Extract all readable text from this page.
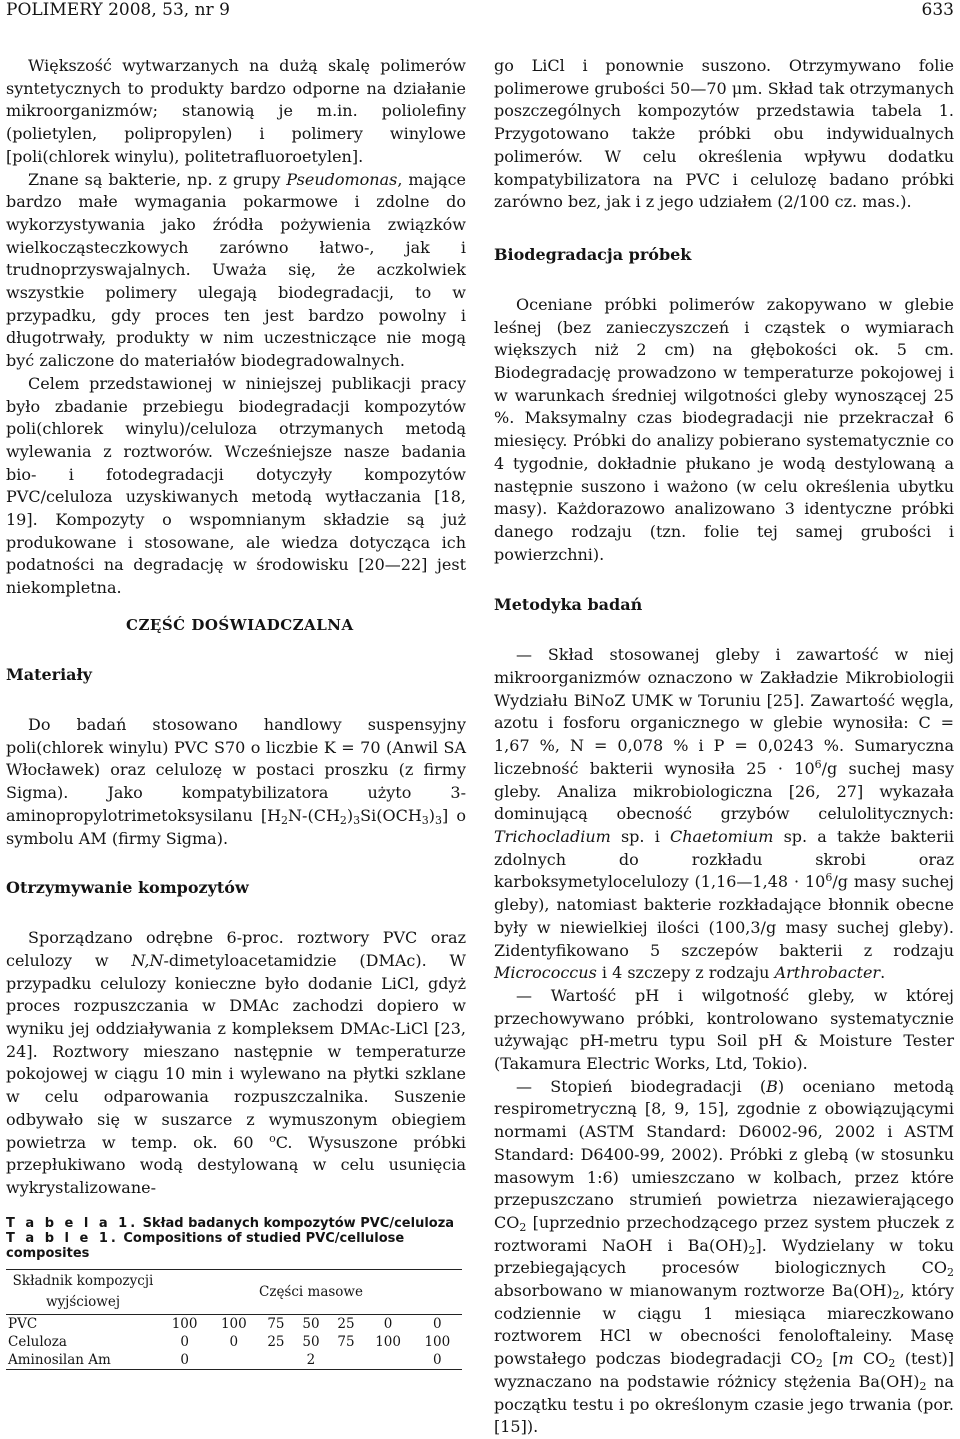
POLIMERY 2008, 53, nr 9	633

Większość wytwarzanych na dużą skalę polimerów syntetycznych to produkty bardzo odporne na działanie mikroorganizmów; stanowią je m.in. poliolefiny (polietylen, polipropylen) i polimery winylowe [poli(chlorek winylu), politetrafluoroetylen].

Znane są bakterie, np. z grupy Pseudomonas, mające bardzo małe wymagania pokarmowe i zdolne do wykorzystywania jako źródła pożywienia związków wielkocząsteczkowych zarówno łatwo-, jak i trudnoprzyswajalnych. Uważa się, że aczkolwiek wszystkie polimery ulegają biodegradacji, to w przypadku, gdy proces ten jest bardzo powolny i długotrwały, produkty w nim uczestniczące nie mogą być zaliczone do materiałów biodegradowalnych.

Celem przedstawionej w niniejszej publikacji pracy było zbadanie przebiegu biodegradacji kompozytów poli(chlorek winylu)/celuloza otrzymanych metodą wylewania z roztworów. Wcześniejsze nasze badania bio- i fotodegradacji dotyczyły kompozytów PVC/celuloza uzyskiwanych metodą wytłaczania [18, 19]. Kompozyty o wspomnianym składzie są już produkowane i stosowane, ale wiedza dotycząca ich podatności na degradację w środowisku [20—22] jest niekompletna.

CZĘŚĆ DOŚWIADCZALNA
Materiały

Do badań stosowano handlowy suspensyjny poli(chlorek winylu) PVC S70 o liczbie K = 70 (Anwil SA Włocławek) oraz celulozę w postaci proszku (z firmy Sigma). Jako kompatybilizatora użyto 3-aminopropylotrimetoksysilanu $[H_2N-(CH_2)_3Si(OCH_3)_3]$ o symbolu AM (firmy Sigma).

Otrzymywanie kompozytów

Sporządzano odrębne 6-proc. roztwory PVC oraz celulozy w N,N-dimetyloacetamidzie (DMAc). W przypadku celulozy konieczne było dodanie LiCl, gdyż proces rozpuszczania w DMAc zachodzi dopiero w wyniku jej oddziaływania z kompleksem DMAc-LiCl [23, 24]. Roztwory mieszano następnie w temperaturze pokojowej w ciągu 10 min i wylewano na płytki szklane w celu odparowania rozpuszczalnika. Suszenie odbywało się w suszarce z wymuszonym obiegiem powietrza w temp. ok. 60 $^o$C. Wysuszone próbki przepłukiwano wodą destylowaną w celu usunięcia wykrystalizowane-

T a b e l a 1. Skład badanych kompozytów PVC/celuloza
T a b l e 1. Compositions of studied PVC/cellulose composites
Składnik kompozycji wyjściowej	Części masowe						
PVC	100	100	75	50	25	0	0
Celuloza	0	0	25	50	75	100	100
Aminosilan Am	0			2			0

go LiCl i ponownie suszono. Otrzymywano folie polimerowe grubości 50—70 μm. Skład tak otrzymanych poszczególnych kompozytów przedstawia tabela 1. Przygotowano także próbki obu indywidualnych polimerów. W celu określenia wpływu dodatku kompatybilizatora na PVC i celulozę badano próbki zarówno bez, jak i z jego udziałem (2/100 cz. mas.).

Biodegradacja próbek

Oceniane próbki polimerów zakopywano w glebie leśnej (bez zanieczyszczeń i cząstek o wymiarach większych niż 2 cm) na głębokości ok. 5 cm. Biodegradację prowadzono w temperaturze pokojowej i w warunkach średniej wilgotności gleby wynoszącej 25 %. Maksymalny czas biodegradacji nie przekraczał 6 miesięcy. Próbki do analizy pobierano systematycznie co 4 tygodnie, dokładnie płukano je wodą destylowaną a następnie suszono i ważono (w celu określenia ubytku masy). Każdorazowo analizowano 3 identyczne próbki danego rodzaju (tzn. folie tej samej grubości i powierzchni).

Metodyka badań

— Skład stosowanej gleby i zawartość w niej mikroorganizmów oznaczono w Zakładzie Mikrobiologii Wydziału BiNoZ UMK w Toruniu [25]. Zawartość węgla, azotu i fosforu organicznego w glebie wynosiła: C = 1,67 %, N = 0,078 % i P = 0,0243 %. Sumaryczna liczebność bakterii wynosiła $25 \cdot 10^6/g$ suchej masy gleby. Analiza mikrobiologiczna [26, 27] wykazała dominującą obecność grzybów celulolitycznych: Trichocladium sp. i Chaetomium sp. a także bakterii zdolnych do rozkładu skrobi oraz karboksymetylocelulozy (1,16—1,48 · $10^6/g$ masy suchej gleby), natomiast bakterie rozkładające błonnik obecne były w niewielkiej ilości (100,3/g masy suchej gleby). Zidentyfikowano 5 szczepów bakterii z rodzaju Micrococcus i 4 szczepy z rodzaju Arthrobacter.

— Wartość pH i wilgotność gleby, w której przechowywano próbki, kontrolowano systematycznie używając pH-metru typu Soil pH & Moisture Tester (Takamura Electric Works, Ltd, Tokio).

— Stopień biodegradacji (B) oceniano metodą respirometryczną [8, 9, 15], zgodnie z obowiązującymi normami (ASTM Standard: D6002-96, 2002 i ASTM Standard: D6400-99, 2002). Próbki z glebą (w stosunku masowym 1:6) umieszczano w kolbach, przez które przepuszczano strumień powietrza niezawierającego $CO_2$ [uprzednio przechodzącego przez system płuczek z roztworami NaOH i $Ba(OH)_2$]. Wydzielany w toku przebiegających procesów biologicznych $CO_2$ absorbowano w mianowanym roztworze $Ba(OH)_2$, który codziennie w ciągu 1 miesiąca miareczkowano roztworem HCl w obecności fenoloftaleiny. Masę powstałego podczas biodegradacji $CO_2$ [m $CO_2$ (test)] wyznaczano na podstawie różnicy stężenia $Ba(OH)_2$ na początku testu i po określonym czasie jego trwania (por. [15]).
